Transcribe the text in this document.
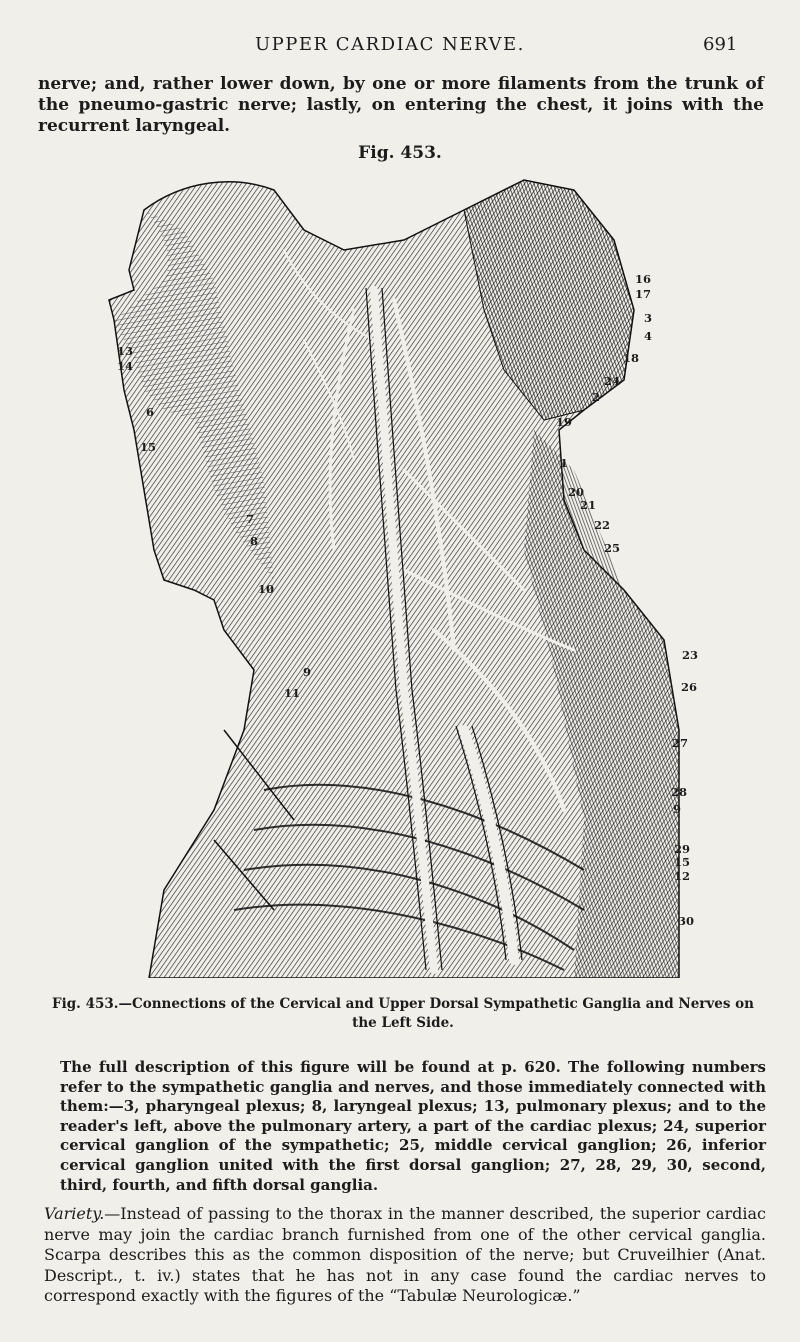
UPPER CARDIAC NERVE.	691

nerve; and, rather lower down, by one or more filaments from the trunk of the pneumo-gastric nerve; lastly, on entering the chest, it joins with the recurrent laryngeal.

Fig. 453.
13
14
6
15
7
8
10
9
11
16
17
3
4
18
24
2
19
1
20
21
22
25
23
26
27
28
9
29
15
12
30
Fig. 453.—Connections of the Cervical and Upper Dorsal Sympathetic Ganglia and Nerves on the Left Side.

The full description of this figure will be found at p. 620. The following numbers refer to the sympathetic ganglia and nerves, and those immediately connected with them:—3, pharyngeal plexus; 8, laryngeal plexus; 13, pulmonary plexus; and to the reader's left, above the pulmonary artery, a part of the cardiac plexus; 24, superior cervical ganglion of the sympathetic; 25, middle cervical ganglion; 26, inferior cervical ganglion united with the first dorsal ganglion; 27, 28, 29, 30, second, third, fourth, and fifth dorsal ganglia.

Variety.—Instead of passing to the thorax in the manner described, the superior cardiac nerve may join the cardiac branch furnished from one of the other cervical ganglia. Scarpa describes this as the common disposition of the nerve; but Cruveilhier (Anat. Descript., t. iv.) states that he has not in any case found the cardiac nerves to correspond exactly with the figures of the “Tabulæ Neurologicæ.”
